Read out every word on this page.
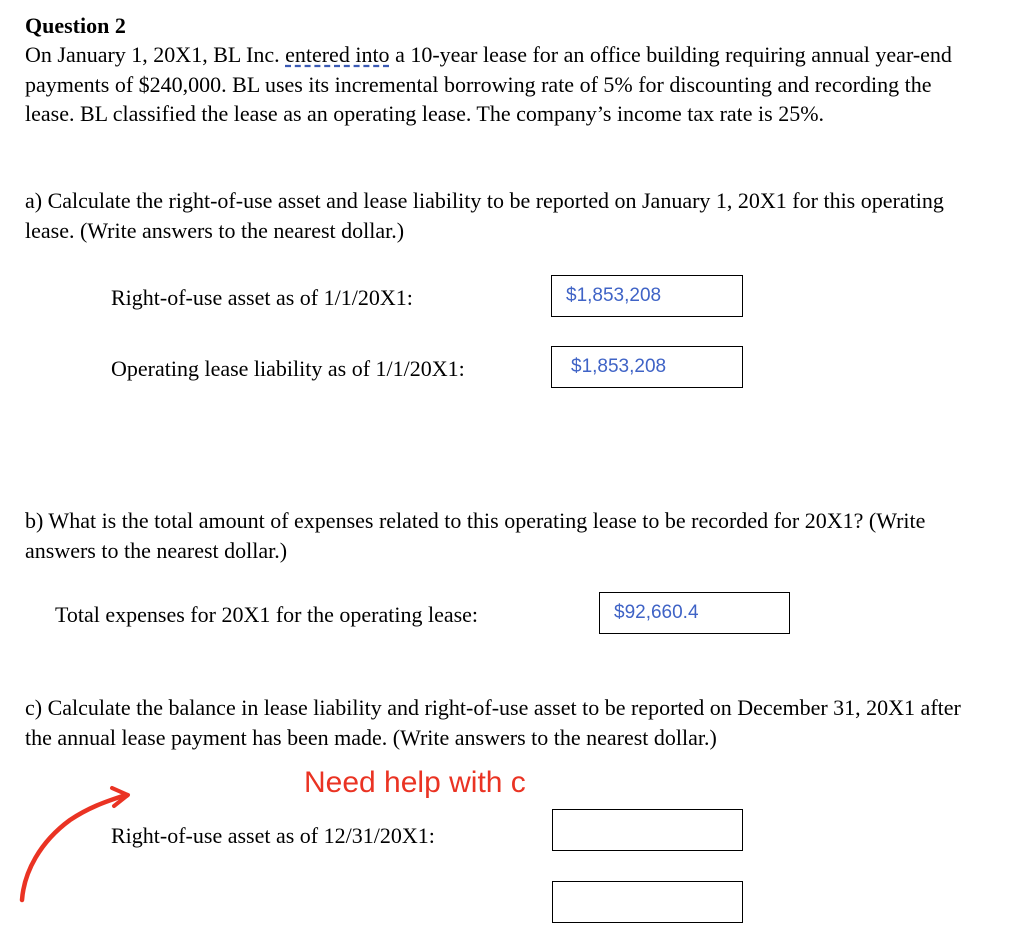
Question 2
On January 1, 20X1, BL Inc. entered into a 10-year lease for an office building requiring annual year-end payments of $240,000. BL uses its incremental borrowing rate of 5% for discounting and recording the lease. BL classified the lease as an operating lease. The company’s income tax rate is 25%.
a) Calculate the right-of-use asset and lease liability to be reported on January 1, 20X1 for this operating lease. (Write answers to the nearest dollar.)
Right-of-use asset as of 1/1/20X1:	$1,853,208
Operating lease liability as of 1/1/20X1:	$1,853,208
b) What is the total amount of expenses related to this operating lease to be recorded for 20X1? (Write answers to the nearest dollar.)
Total expenses for 20X1 for the operating lease:	$92,660.4
c) Calculate the balance in lease liability and right-of-use asset to be reported on December 31, 20X1 after the annual lease payment has been made. (Write answers to the nearest dollar.)
Need help with c
Right-of-use asset as of 12/31/20X1:
